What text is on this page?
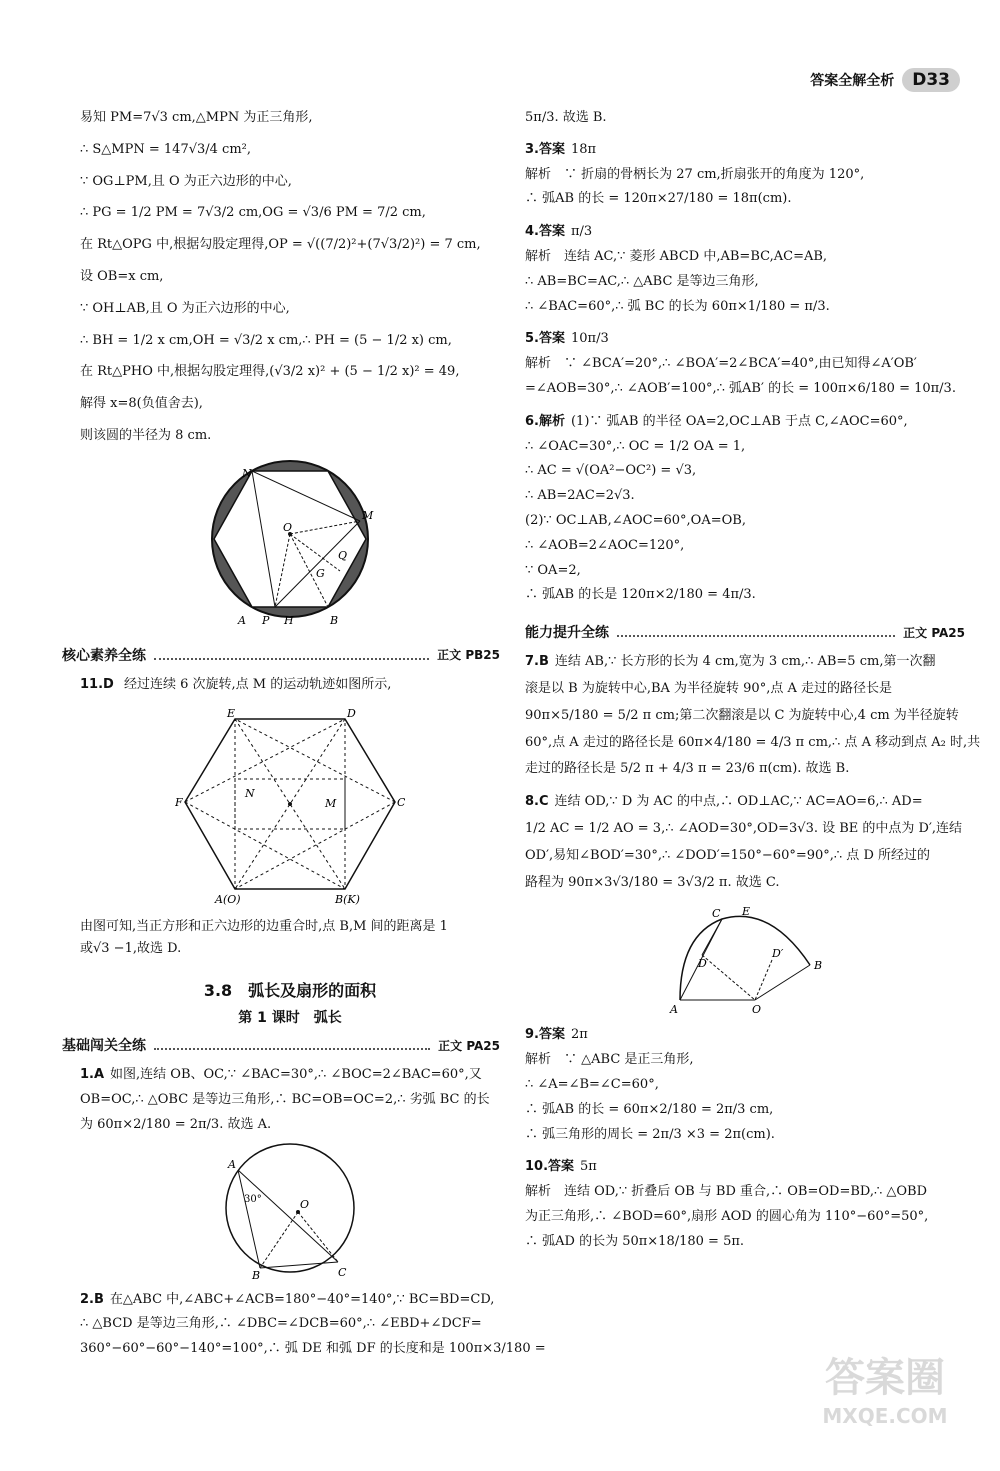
答案全解全析	D33
易知 PM=7√3 cm,△MPN 为正三角形,
∴ S△MPN = 147√3/4 cm²,
∵ OG⊥PM,且 O 为正六边形的中心,
∴ PG = 1/2 PM = 7√3/2 cm,OG = √3/6 PM = 7/2 cm,
在 Rt△OPG 中,根据勾股定理得,OP = √((7/2)²+(7√3/2)²) = 7 cm,
设 OB=x cm,
∵ OH⊥AB,且 O 为正六边形的中心,
∴ BH = 1/2 x cm,OH = √3/2 x cm,∴ PH = (5 − 1/2 x) cm,
在 Rt△PHO 中,根据勾股定理得,(√3/2 x)² + (5 − 1/2 x)² = 49,
解得 x=8(负值舍去),
则该圆的半径为 8 cm.
N
M
O
Q
G
A P H	B
核心素养全练	正文 PB25
11.D 经过连续 6 次旋转,点 M 的运动轨迹如图所示,
E	D
F	C
N
M
A(O)	B(K)
由图可知,当正方形和正六边形的边重合时,点 B,M 间的距离是 1
或√3 −1,故选 D.
3.8　弧长及扇形的面积
第 1 课时　弧长
基础闯关全练	正文 PA25
1.A 如图,连结 OB、OC,∵ ∠BAC=30°,∴ ∠BOC=2∠BAC=60°,又
OB=OC,∴ △OBC 是等边三角形,∴ BC=OB=OC=2,∴ 劣弧 BC 的长
为 60π×2/180 = 2π/3. 故选 A.
A
O
30°
B	C
2.B 在△ABC 中,∠ABC+∠ACB=180°−40°=140°,∵ BC=BD=CD,
∴ △BCD 是等边三角形,∴ ∠DBC=∠DCB=60°,∴ ∠EBD+∠DCF=
360°−60°−60°−140°=100°,∴ 弧 DE 和弧 DF 的长度和是 100π×3/180 =
5π/3. 故选 B.
3.答案 18π
解析　∵ 折扇的骨柄长为 27 cm,折扇张开的角度为 120°,
∴ 弧AB 的长 = 120π×27/180 = 18π(cm).
4.答案 π/3
解析　连结 AC,∵ 菱形 ABCD 中,AB=BC,AC=AB,
∴ AB=BC=AC,∴ △ABC 是等边三角形,
∴ ∠BAC=60°,∴ 弧 BC 的长为 60π×1/180 = π/3.
5.答案 10π/3
解析　∵ ∠BCA′=20°,∴ ∠BOA′=2∠BCA′=40°,由已知得∠A′OB′
=∠AOB=30°,∴ ∠AOB′=100°,∴ 弧AB′ 的长 = 100π×6/180 = 10π/3.
6.解析 (1)∵ 弧AB 的半径 OA=2,OC⊥AB 于点 C,∠AOC=60°,
∴ ∠OAC=30°,∴ OC = 1/2 OA = 1,
∴ AC = √(OA²−OC²) = √3,
∴ AB=2AC=2√3.
(2)∵ OC⊥AB,∠AOC=60°,OA=OB,
∴ ∠AOB=2∠AOC=120°,
∵ OA=2,
∴ 弧AB 的长是 120π×2/180 = 4π/3.
能力提升全练	正文 PA25
7.B 连结 AB,∵ 长方形的长为 4 cm,宽为 3 cm,∴ AB=5 cm,第一次翻
滚是以 B 为旋转中心,BA 为半径旋转 90°,点 A 走过的路径长是
90π×5/180 = 5/2 π cm;第二次翻滚是以 C 为旋转中心,4 cm 为半径旋转
60°,点 A 走过的路径长是 60π×4/180 = 4/3 π cm,∴ 点 A 移动到点 A₂ 时,共
走过的路径长是 5/2 π + 4/3 π = 23/6 π(cm). 故选 B.
8.C 连结 OD,∵ D 为 AC 的中点,∴ OD⊥AC,∵ AC=AO=6,∴ AD=
1/2 AC = 1/2 AO = 3,∴ ∠AOD=30°,OD=3√3. 设 BE 的中点为 D′,连结
OD′,易知∠BOD′=30°,∴ ∠DOD′=150°−60°=90°,∴ 点 D 所经过的
路程为 90π×3√3/180 = 3√3/2 π. 故选 C.
C E
D
D′
B
A	O
9.答案 2π
解析　∵ △ABC 是正三角形,
∴ ∠A=∠B=∠C=60°,
∴ 弧AB 的长 = 60π×2/180 = 2π/3 cm,
∴ 弧三角形的周长 = 2π/3 ×3 = 2π(cm).
10.答案 5π
解析　连结 OD,∵ 折叠后 OB 与 BD 重合,∴ OB=OD=BD,∴ △OBD
为正三角形,∴ ∠BOD=60°,扇形 AOD 的圆心角为 110°−60°=50°,
∴ 弧AD 的长为 50π×18/180 = 5π.
答案圈
MXQE.COM
